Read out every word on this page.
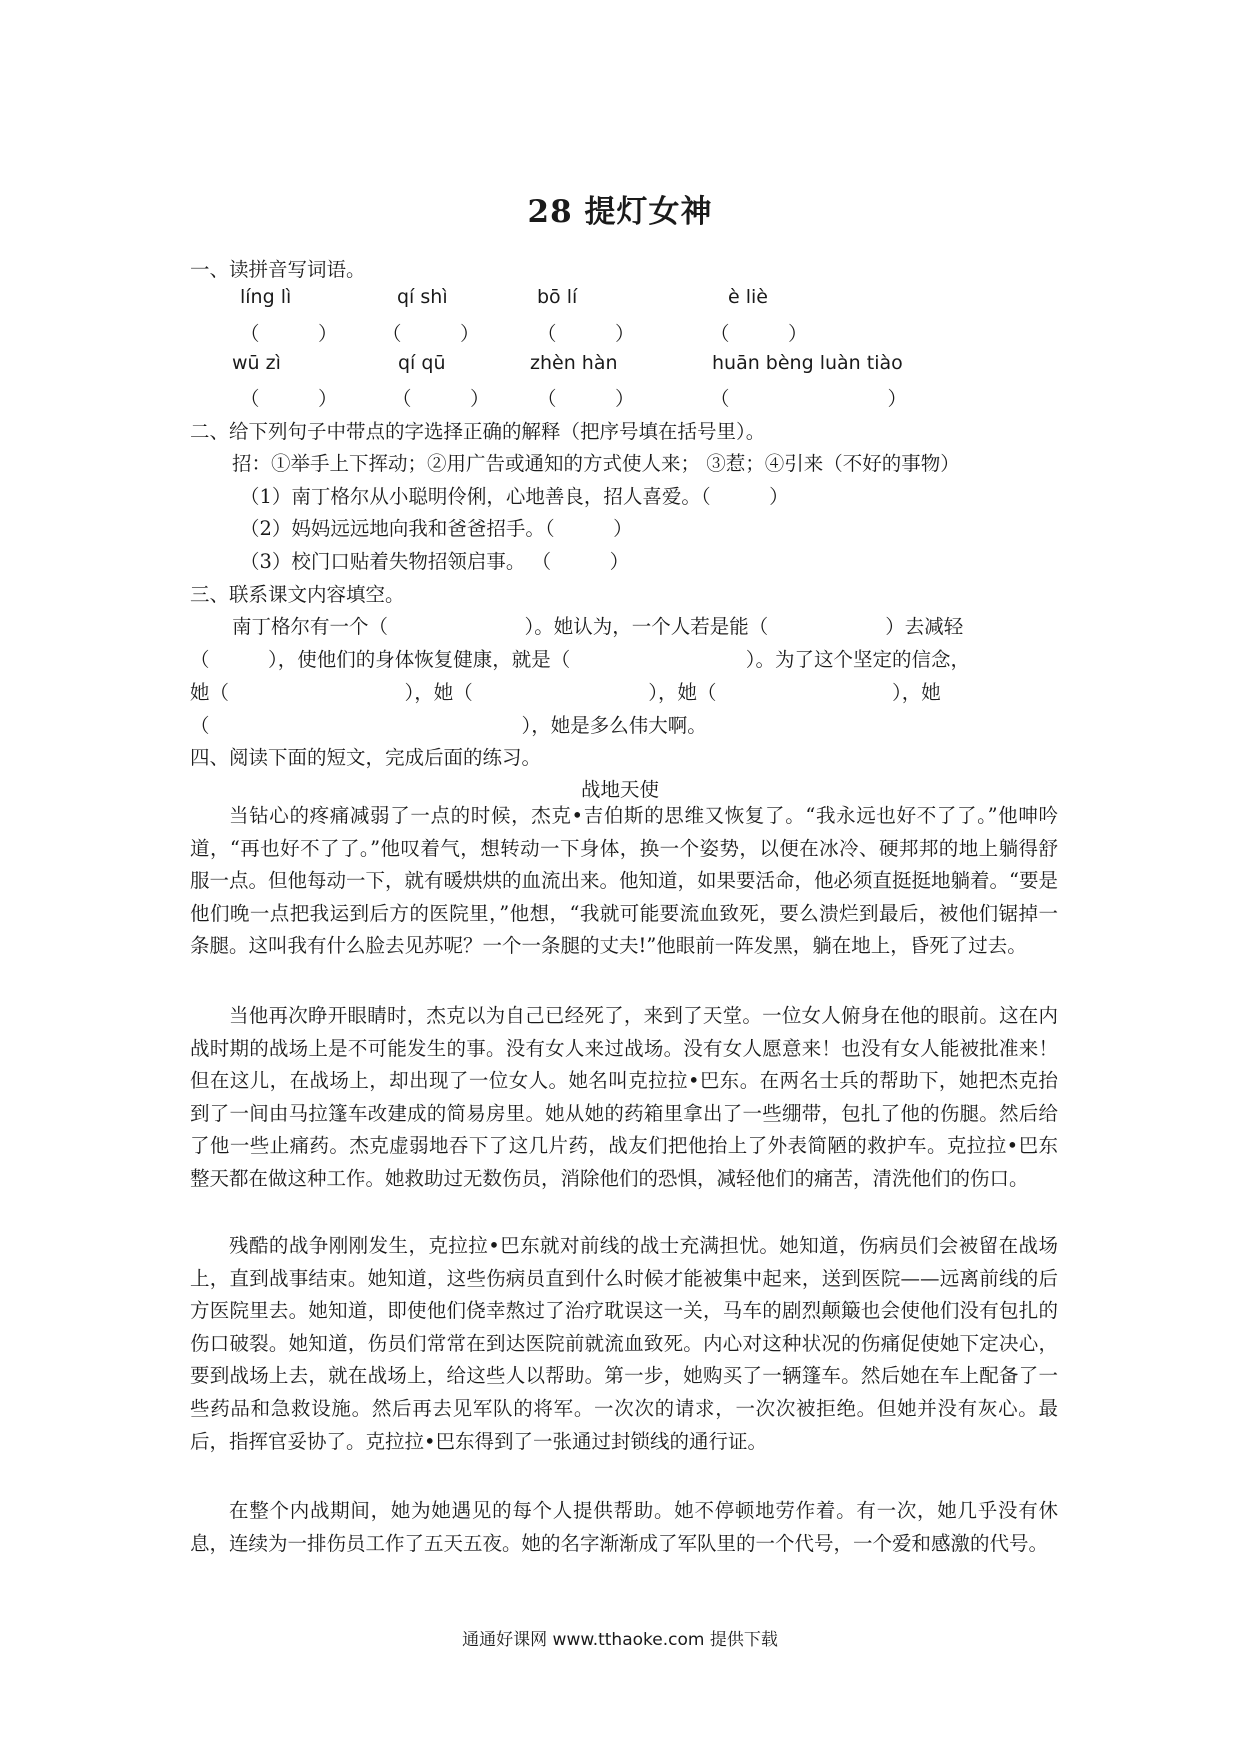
28 提灯女神
一、读拼音写词语。
líng lì	qí shì	bō lí	è liè
（　　　） （　　　）	（　　　）	（　　　）
wū zì	qí qū	zhèn hàn	huān bèng luàn tiào
（　　　）	（　　　） （　　　）	（	）
二、给下列句子中带点的字选择正确的解释（把序号填在括号里）。
招：①举手上下挥动；②用广告或通知的方式使人来； ③惹；④引来（不好的事物）
（1）南丁格尔从小聪明伶俐，心地善良，招人喜爱。（　　　）
（2）妈妈远远地向我和爸爸招手。（　　　）
（3）校门口贴着失物招领启事。 （　　　）
三、联系课文内容填空。
南丁格尔有一个（　　　　　　　）。她认为，一个人若是能（　　　　　　）去减轻
（　　　），使他们的身体恢复健康，就是（　　　　　　　　　）。为了这个坚定的信念，
她（　　　　　　　　　），她（　　　　　　　　　），她（　　　　　　　　　），她
（　　　　　　　　　　　　　　　　），她是多么伟大啊。
四、阅读下面的短文，完成后面的练习。
战地天使
当钻心的疼痛减弱了一点的时候，杰克•吉伯斯的思维又恢复了。“我永远也好不了了。”他呻吟道，“再也好不了了。”他叹着气，想转动一下身体，换一个姿势，以便在冰冷、硬邦邦的地上躺得舒服一点。但他每动一下，就有暖烘烘的血流出来。他知道，如果要活命，他必须直挺挺地躺着。“要是他们晚一点把我运到后方的医院里，”他想，“我就可能要流血致死，要么溃烂到最后，被他们锯掉一条腿。这叫我有什么脸去见苏呢？一个一条腿的丈夫!”他眼前一阵发黑，躺在地上，昏死了过去。
当他再次睁开眼睛时，杰克以为自己已经死了，来到了天堂。一位女人俯身在他的眼前。这在内战时期的战场上是不可能发生的事。没有女人来过战场。没有女人愿意来！也没有女人能被批准来！但在这儿，在战场上，却出现了一位女人。她名叫克拉拉•巴东。在两名士兵的帮助下，她把杰克抬到了一间由马拉篷车改建成的简易房里。她从她的药箱里拿出了一些绷带，包扎了他的伤腿。然后给了他一些止痛药。杰克虚弱地吞下了这几片药，战友们把他抬上了外表简陋的救护车。克拉拉•巴东整天都在做这种工作。她救助过无数伤员，消除他们的恐惧，减轻他们的痛苦，清洗他们的伤口。
残酷的战争刚刚发生，克拉拉•巴东就对前线的战士充满担忧。她知道，伤病员们会被留在战场上，直到战事结束。她知道，这些伤病员直到什么时候才能被集中起来，送到医院——远离前线的后方医院里去。她知道，即使他们侥幸熬过了治疗耽误这一关，马车的剧烈颠簸也会使他们没有包扎的伤口破裂。她知道，伤员们常常在到达医院前就流血致死。内心对这种状况的伤痛促使她下定决心，要到战场上去，就在战场上，给这些人以帮助。第一步，她购买了一辆篷车。然后她在车上配备了一些药品和急救设施。然后再去见军队的将军。一次次的请求，一次次被拒绝。但她并没有灰心。最后，指挥官妥协了。克拉拉•巴东得到了一张通过封锁线的通行证。
在整个内战期间，她为她遇见的每个人提供帮助。她不停顿地劳作着。有一次，她几乎没有休息，连续为一排伤员工作了五天五夜。她的名字渐渐成了军队里的一个代号，一个爱和感激的代号。
通通好课网 www.tthaoke.com 提供下载
